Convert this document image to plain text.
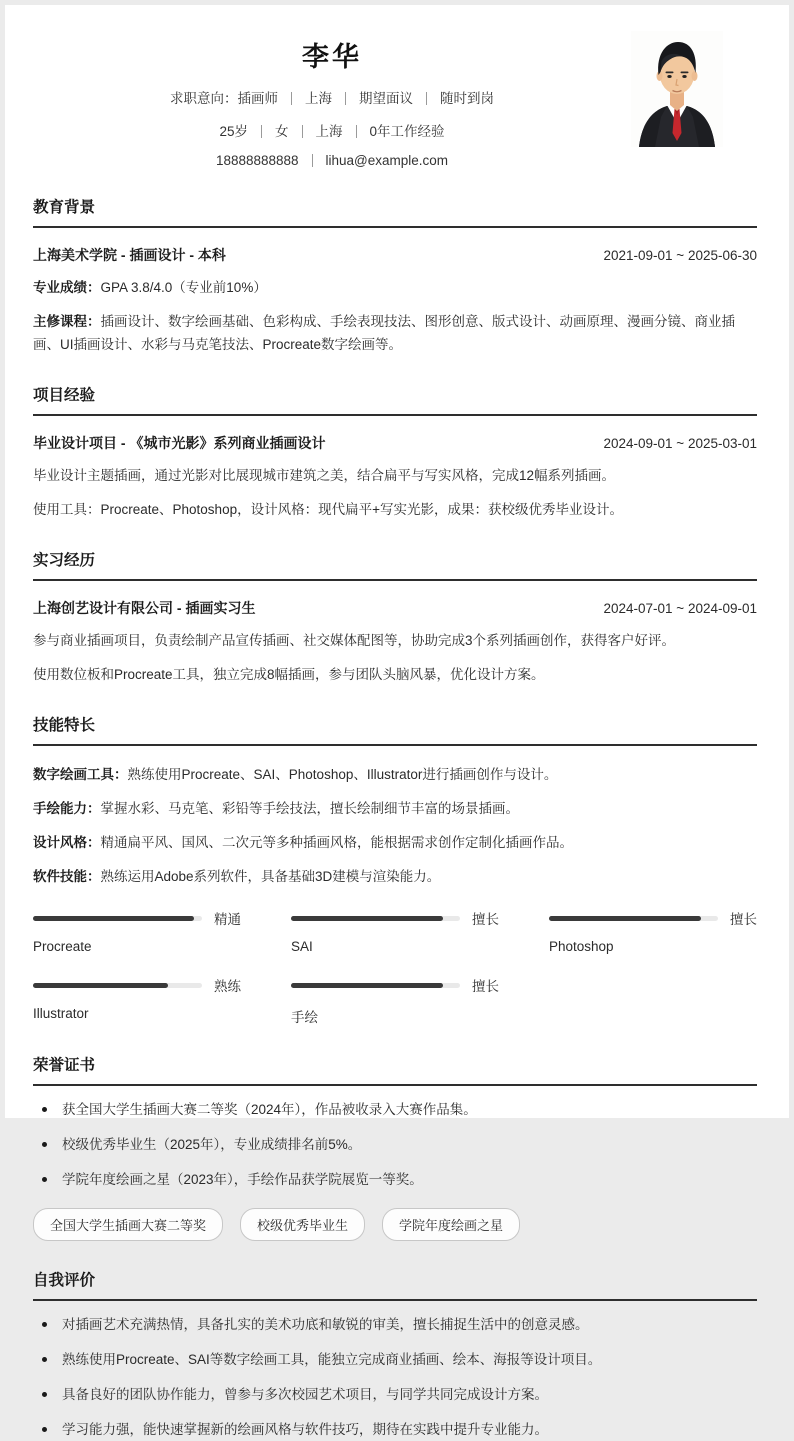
李华
求职意向：插画师 上海 期望面议 随时到岗
25岁 女 上海 0年工作经验
18888888888 lihua@example.com
教育背景
上海美术学院 - 插画设计 - 本科	2021-09-01 ~ 2025-06-30

专业成绩：GPA 3.8/4.0（专业前10%）

主修课程：插画设计、数字绘画基础、色彩构成、手绘表现技法、图形创意、版式设计、动画原理、漫画分镜、商业插画、UI插画设计、水彩与马克笔技法、Procreate数字绘画等。

项目经验
毕业设计项目 - 《城市光影》系列商业插画设计	2024-09-01 ~ 2025-03-01

毕业设计主题插画，通过光影对比展现城市建筑之美，结合扁平与写实风格，完成12幅系列插画。

使用工具：Procreate、Photoshop，设计风格：现代扁平+写实光影，成果：获校级优秀毕业设计。

实习经历
上海创艺设计有限公司 - 插画实习生	2024-07-01 ~ 2024-09-01

参与商业插画项目，负责绘制产品宣传插画、社交媒体配图等，协助完成3个系列插画创作，获得客户好评。

使用数位板和Procreate工具，独立完成8幅插画，参与团队头脑风暴，优化设计方案。

技能特长

数字绘画工具：熟练使用Procreate、SAI、Photoshop、Illustrator进行插画创作与设计。

手绘能力：掌握水彩、马克笔、彩铅等手绘技法，擅长绘制细节丰富的场景插画。

设计风格：精通扁平风、国风、二次元等多种插画风格，能根据需求创作定制化插画作品。

软件技能：熟练运用Adobe系列软件，具备基础3D建模与渲染能力。

精通
Procreate
擅长
SAI
擅长
Photoshop
熟练
Illustrator
擅长
手绘
荣誉证书
获全国大学生插画大赛二等奖（2024年），作品被收录入大赛作品集。
校级优秀毕业生（2025年），专业成绩排名前5%。
学院年度绘画之星（2023年），手绘作品获学院展览一等奖。
全国大学生插画大赛二等奖	校级优秀毕业生	学院年度绘画之星
自我评价
对插画艺术充满热情，具备扎实的美术功底和敏锐的审美，擅长捕捉生活中的创意灵感。
熟练使用Procreate、SAI等数字绘画工具，能独立完成商业插画、绘本、海报等设计项目。
具备良好的团队协作能力，曾参与多次校园艺术项目，与同学共同完成设计方案。
学习能力强，能快速掌握新的绘画风格与软件技巧，期待在实践中提升专业能力。
